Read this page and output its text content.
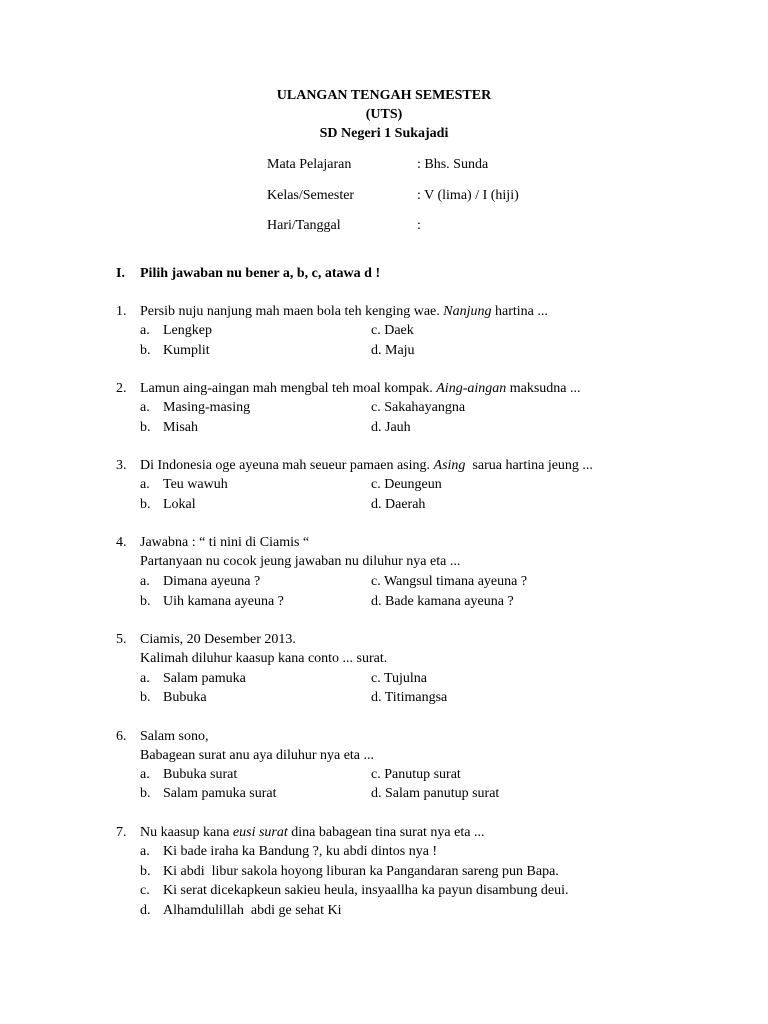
ULANGAN TENGAH SEMESTER
(UTS)
SD Negeri 1 Sukajadi
Mata Pelajaran	: Bhs. Sunda
Kelas/Semester	: V (lima) / I (hiji)
Hari/Tanggal	:
I. Pilih jawaban nu bener a, b, c, atawa d !
1. Persib nuju nanjung mah maen bola teh kenging wae. Nanjung hartina ...
a. Lengkep
b. Kumplit
c. Daek
d. Maju
2. Lamun aing-aingan mah mengbal teh moal kompak. Aing-aingan maksudna ...
a. Masing-masing
b. Misah
c. Sakahayangna
d. Jauh
3. Di Indonesia oge ayeuna mah seueur pamaen asing. Asing  sarua hartina jeung ...
a. Teu wawuh
b. Lokal
c. Deungeun
d. Daerah
4. Jawabna : “ ti nini di Ciamis “
Partanyaan nu cocok jeung jawaban nu diluhur nya eta ...
a. Dimana ayeuna ?
b. Uih kamana ayeuna ?
c. Wangsul timana ayeuna ?
d. Bade kamana ayeuna ?
5. Ciamis, 20 Desember 2013.
Kalimah diluhur kaasup kana conto ... surat.
a. Salam pamuka
b. Bubuka
c. Tujulna
d. Titimangsa
6. Salam sono,
Babagean surat anu aya diluhur nya eta ...
a. Bubuka surat
b. Salam pamuka surat
c. Panutup surat
d. Salam panutup surat
7. Nu kaasup kana eusi surat dina babagean tina surat nya eta ...
a. Ki bade iraha ka Bandung ?, ku abdi dintos nya !
b. Ki abdi  libur sakola hoyong liburan ka Pangandaran sareng pun Bapa.
c. Ki serat dicekapkeun sakieu heula, insyaallha ka payun disambung deui.
d. Alhamdulillah  abdi ge sehat Ki
